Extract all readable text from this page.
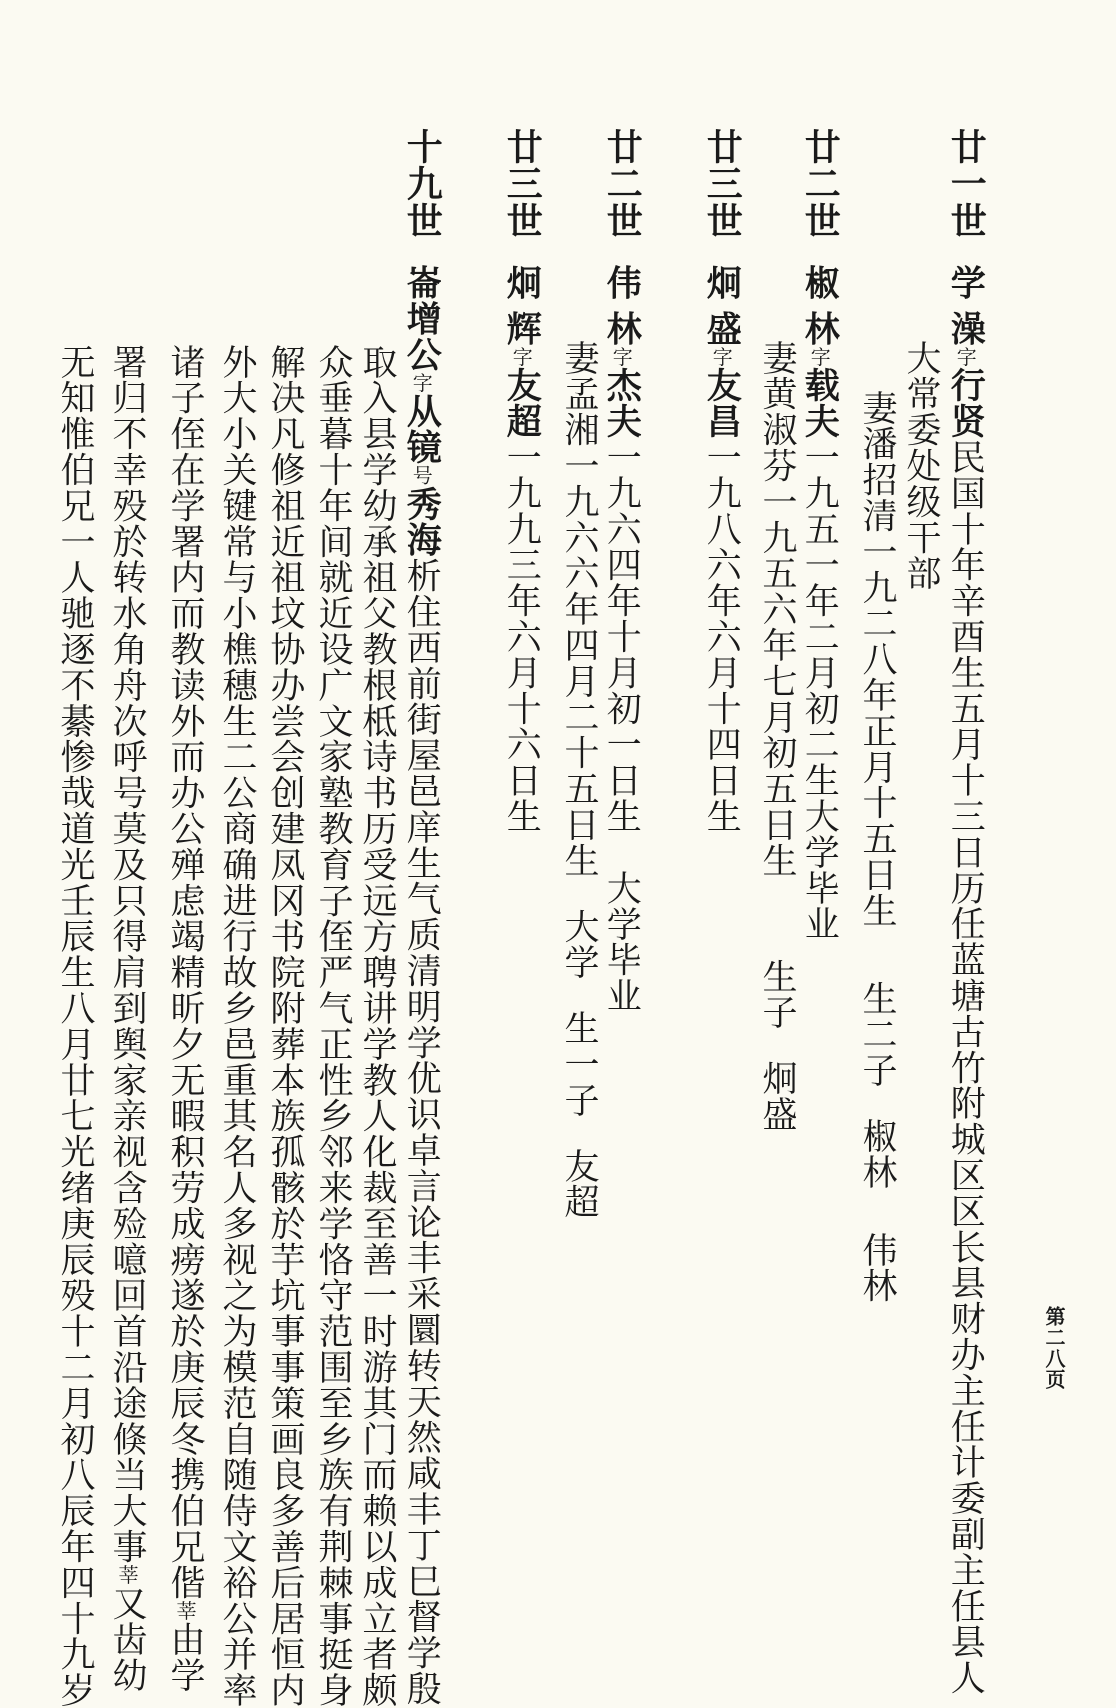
廿一世学澡字行贤民国十年辛酉生五月十三日历任蓝塘古竹附城区区长县财办主任计委副主任县人
大常委处级干部
妻潘招清一九二八年正月十五日生生二子椒林伟林
廿二世椒林字载夫一九五一年二月初二生大学毕业
妻黄淑芬一九五六年七月初五日生生子炯盛
廿三世炯盛字友昌一九八六年六月十四日生
廿二世伟林字杰夫一九六四年十月初一日生大学毕业
妻孟湘一九六六年四月二十五日生大学生一子友超
廿三世炯辉字友超一九九三年六月十六日生
十九世崙增公字从镜号秀海析住西前街屋邑庠生气质清明学优识卓言论丰采圜转天然咸丰丁巳督学殷
取入县学幼承祖父教根柢诗书历受远方聘讲学教人化裁至善一时游其门而赖以成立者颇
众垂暮十年间就近设广文家塾教育子侄严气正性乡邻来学恪守范围至乡族有荆棘事挺身
解决凡修祖近祖坟协办尝会创建凤冈书院附葬本族孤骸於芋坑事事策画良多善后居恒内
外大小关键常与小樵穗生二公商确进行故乡邑重其名人多视之为模范自随侍文裕公并率
诸子侄在学署内而教读外而办公殚虑竭精昕夕无暇积劳成痨遂於庚辰冬携伯兄偕莘由学
署归不幸殁於转水角舟次呼号莫及只得肩到舆家亲视含殓噫回首沿途倏当大事莘又齿幼
无知惟伯兄一人驰逐不綦惨哉道光壬辰生八月廿七光绪庚辰殁十二月初八辰年四十九岁	第二八页
